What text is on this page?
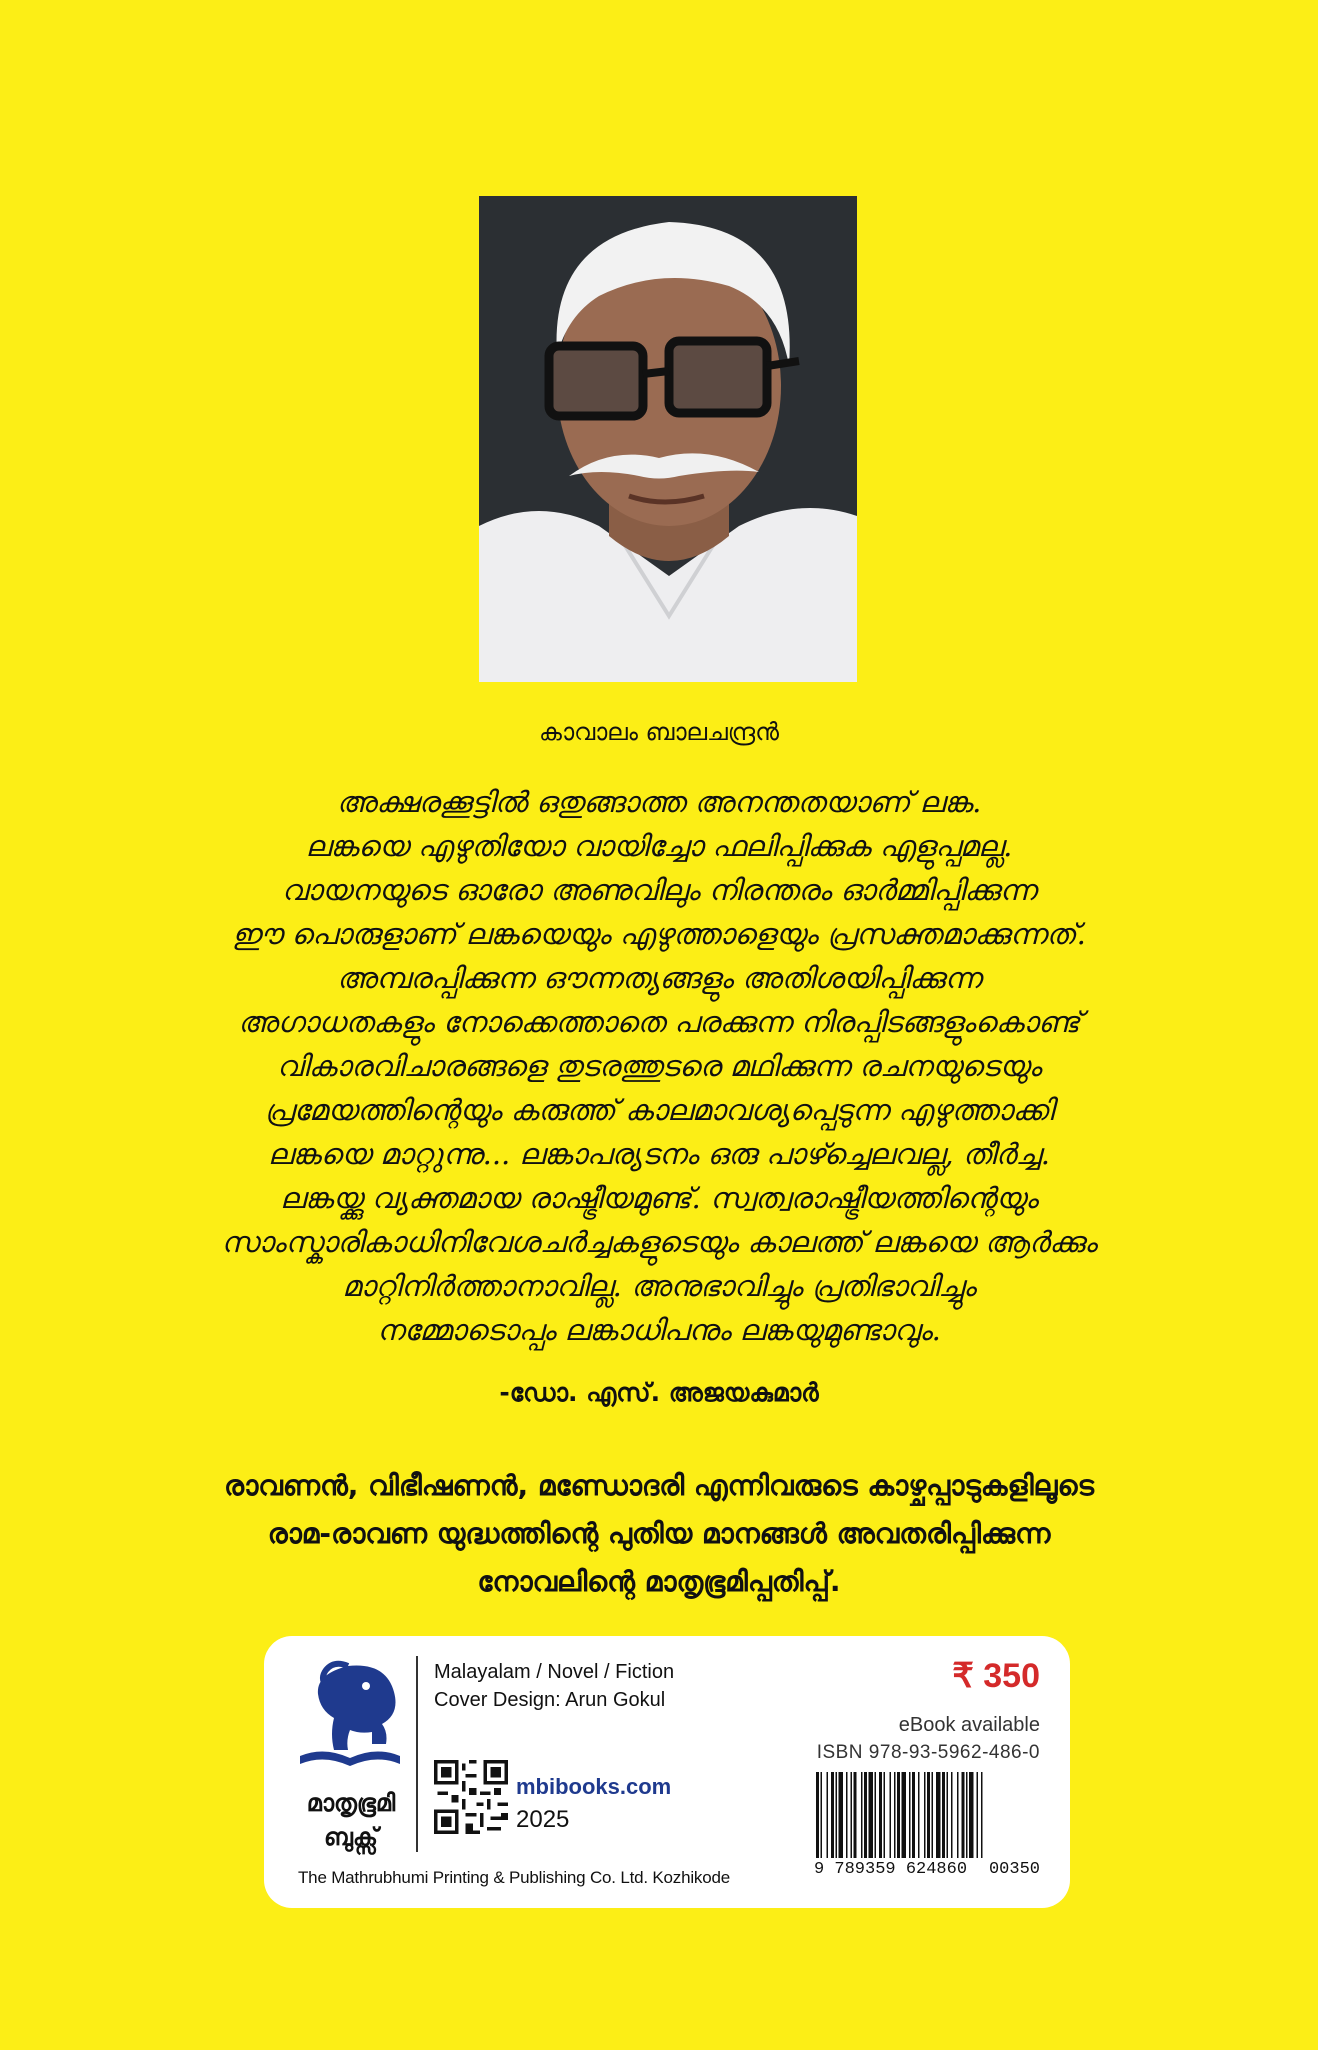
കാവാലം ബാലചന്ദ്രൻ
അക്ഷരക്കൂട്ടിൽ ഒതുങ്ങാത്ത അനന്തതയാണ് ലങ്ക.
ലങ്കയെ എഴുതിയോ വായിച്ചോ ഫലിപ്പിക്കുക എളുപ്പമല്ല.
വായനയുടെ ഓരോ അണുവിലും നിരന്തരം ഓർമ്മിപ്പിക്കുന്ന
ഈ പൊരുളാണ് ലങ്കയെയും എഴുത്താളെയും പ്രസക്തമാക്കുന്നത്.
അമ്പരപ്പിക്കുന്ന ഔന്നത്യങ്ങളും അതിശയിപ്പിക്കുന്ന
അഗാധതകളും നോക്കെത്താതെ പരക്കുന്ന നിരപ്പിടങ്ങളുംകൊണ്ട്
വികാരവിചാരങ്ങളെ തുടരത്തുടരെ മഥിക്കുന്ന രചനയുടെയും
പ്രമേയത്തിന്റെയും കരുത്ത് കാലമാവശ്യപ്പെടുന്ന എഴുത്താക്കി
ലങ്കയെ മാറ്റുന്നു... ലങ്കാപര്യടനം ഒരു പാഴ്ച്ചെലവല്ല, തീർച്ച.
ലങ്കയ്ക്കു വ്യക്തമായ രാഷ്ട്രീയമുണ്ട്. സ്വത്വരാഷ്ട്രീയത്തിന്റെയും
സാംസ്കാരികാധിനിവേശചർച്ചകളുടെയും കാലത്ത് ലങ്കയെ ആർക്കും
മാറ്റിനിർത്താനാവില്ല. അനുഭാവിച്ചും പ്രതിഭാവിച്ചും
നമ്മോടൊപ്പം ലങ്കാധിപനും ലങ്കയുമുണ്ടാവും.
-ഡോ. എസ്. അജയകുമാർ
രാവണൻ, വിഭീഷണൻ, മണ്ഡോദരി എന്നിവരുടെ കാഴ്ചപ്പാടുകളിലൂടെ
രാമ-രാവണ യുദ്ധത്തിന്റെ പുതിയ മാനങ്ങൾ അവതരിപ്പിക്കുന്ന
നോവലിന്റെ മാതൃഭൂമിപ്പതിപ്പ്.
മാതൃഭൂമി
ബുക്സ്
Malayalam / Novel / Fiction
Cover Design: Arun Gokul
mbibooks.com
2025
The Mathrubhumi Printing & Publishing Co. Ltd. Kozhikode
₹ 350
eBook available
ISBN 978-93-5962-486-0
9 789359 624860	00350
